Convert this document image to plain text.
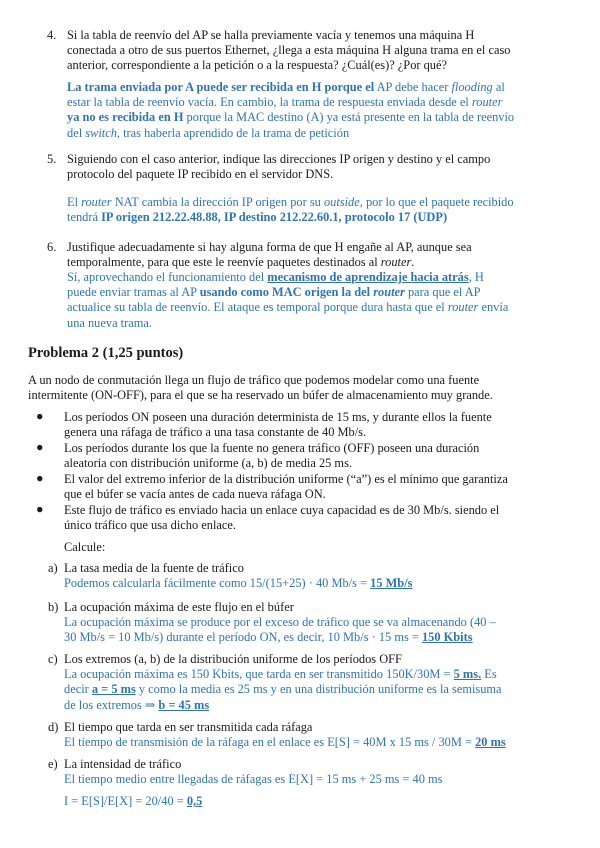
4. Si la tabla de reenvío del AP se halla previamente vacía y tenemos una máquina H
conectada a otro de sus puertos Ethernet, ¿llega a esta máquina H alguna trama en el caso
anterior, correspondiente a la petición o a la respuesta? ¿Cuál(es)? ¿Por qué?
La trama enviada por A puede ser recibida en H porque el AP debe hacer flooding al
estar la tabla de reenvío vacía. En cambio, la trama de respuesta enviada desde el router
ya no es recibida en H porque la MAC destino (A) ya está presente en la tabla de reenvío
del switch, tras haberla aprendido de la trama de petición
5. Siguiendo con el caso anterior, indique las direcciones IP origen y destino y el campo
protocolo del paquete IP recibido en el servidor DNS.
El router NAT cambia la dirección IP origen por su outside, por lo que el paquete recibido
tendrá IP origen 212.22.48.88, IP destino 212.22.60.1, protocolo 17 (UDP)
6. Justifique adecuadamente si hay alguna forma de que H engañe al AP, aunque sea
temporalmente, para que este le reenvíe paquetes destinados al router.
Sí, aprovechando el funcionamiento del mecanismo de aprendizaje hacia atrás, H
puede enviar tramas al AP usando como MAC origen la del router para que el AP
actualice su tabla de reenvío. El ataque es temporal porque dura hasta que el router envía
una nueva trama.
Problema 2 (1,25 puntos)
A un nodo de conmutación llega un flujo de tráfico que podemos modelar como una fuente
intermitente (ON-OFF), para el que se ha reservado un búfer de almacenamiento muy grande.
● Los períodos ON poseen una duración determinista de 15 ms, y durante ellos la fuente
genera una ráfaga de tráfico a una tasa constante de 40 Mb/s.
● Los períodos durante los que la fuente no genera tráfico (OFF) poseen una duración
aleatoria con distribución uniforme (a, b) de media 25 ms.
● El valor del extremo inferior de la distribución uniforme (“a”) es el mínimo que garantiza
que el búfer se vacía antes de cada nueva ráfaga ON.
● Este flujo de tráfico es enviado hacia un enlace cuya capacidad es de 30 Mb/s. siendo el
único tráfico que usa dicho enlace.
Calcule:
a) La tasa media de la fuente de tráfico
Podemos calcularla fácilmente como 15/(15+25) · 40 Mb/s = 15 Mb/s
b) La ocupación máxima de este flujo en el búfer
La ocupación máxima se produce por el exceso de tráfico que se va almacenando (40 –
30 Mb/s = 10 Mb/s) durante el período ON, es decir, 10 Mb/s · 15 ms = 150 Kbits
c) Los extremos (a, b) de la distribución uniforme de los períodos OFF
La ocupación máxima es 150 Kbits, que tarda en ser transmitido 150K/30M = 5 ms. Es
decir a = 5 ms y como la media es 25 ms y en una distribución uniforme es la semisuma
de los extremos ⇒ b = 45 ms
d) El tiempo que tarda en ser transmitida cada ráfaga
El tiempo de transmisión de la ráfaga en el enlace es E[S] = 40M x 15 ms / 30M = 20 ms
e) La intensidad de tráfico
El tiempo medio entre llegadas de ráfagas es E[X] = 15 ms + 25 ms = 40 ms
I = E[S]/E[X] = 20/40 = 0,5
